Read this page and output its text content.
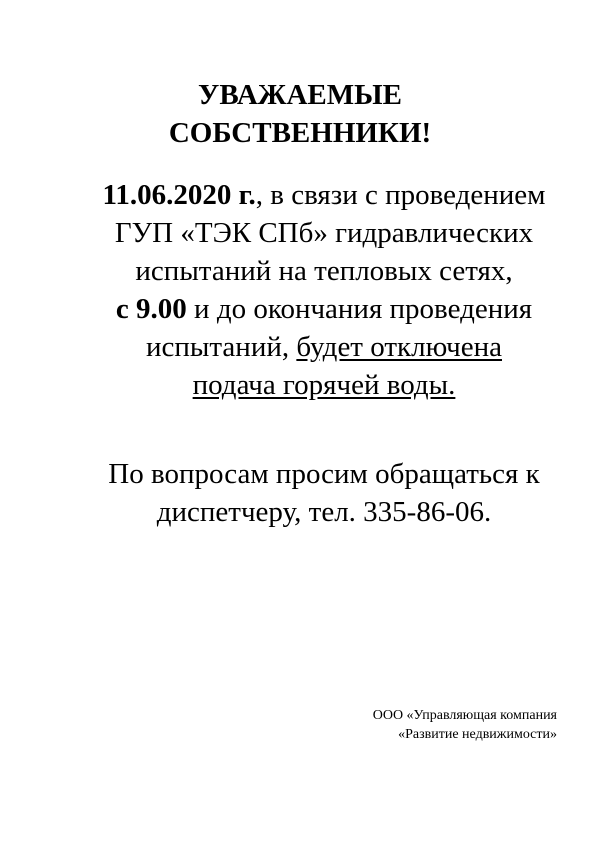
УВАЖАЕМЫЕ
СОБСТВЕННИКИ!
11.06.2020 г., в связи с проведением
ГУП «ТЭК СПб» гидравлических
испытаний на тепловых сетях,
с 9.00 и до окончания проведения
испытаний, будет отключена
подача горячей воды.
По вопросам просим обращаться к
диспетчеру, тел. 335-86-06.
ООО «Управляющая компания
«Развитие недвижимости»
